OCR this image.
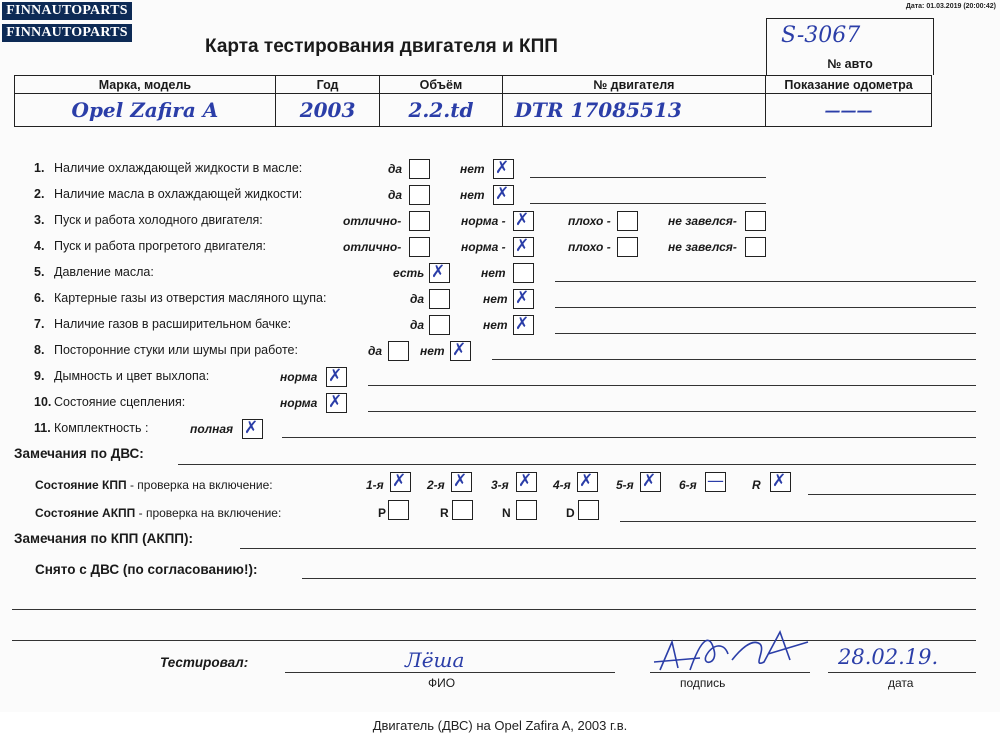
FINNAUTOPARTS
FINNAUTOPARTS
Дата: 01.03.2019 (20:00:42)
Карта тестирования двигателя и КПП	S-3067
№ авто
Марка, модель	Год	Объём	№ двигателя	Показание одометра
Opel Zafira A	2003	2.2.td	DTR 17085513	———
1. Наличие охлаждающей жидкости в масле:	да	нет ✗
2. Наличие масла в охлаждающей жидкости:	да	нет ✗
3. Пуск и работа холодного двигателя:	отлично-	норма - ✗	плохо -	не завелся-
4. Пуск и работа прогретого двигателя:	отлично-	норма - ✗	плохо -	не завелся-
5. Давление масла:	есть ✗	нет
6. Картерные газы из отверстия масляного щупа:	да	нет ✗
7. Наличие газов в расширительном бачке:	да	нет ✗
8. Посторонние стуки или шумы при работе:	да	нет ✗
9. Дымность и цвет выхлопа:	норма ✗
10. Состояние сцепления:	норма ✗
11. Комплектность :	полная ✗
Замечания по ДВС:
Состояние КПП - проверка на включение:	1-я ✗ 2-я ✗ 3-я ✗ 4-я ✗ 5-я ✗ 6-я — R ✗
Состояние АКПП - проверка на включение:	P	R	N	D
Замечания по КПП (АКПП):
Снято с ДВС (по согласованию!):
Тестировал:	Лёша
ФИО	подпись
28.02.19.
дата
Двигатель (ДВС) на Opel Zafira A, 2003 г.в.
